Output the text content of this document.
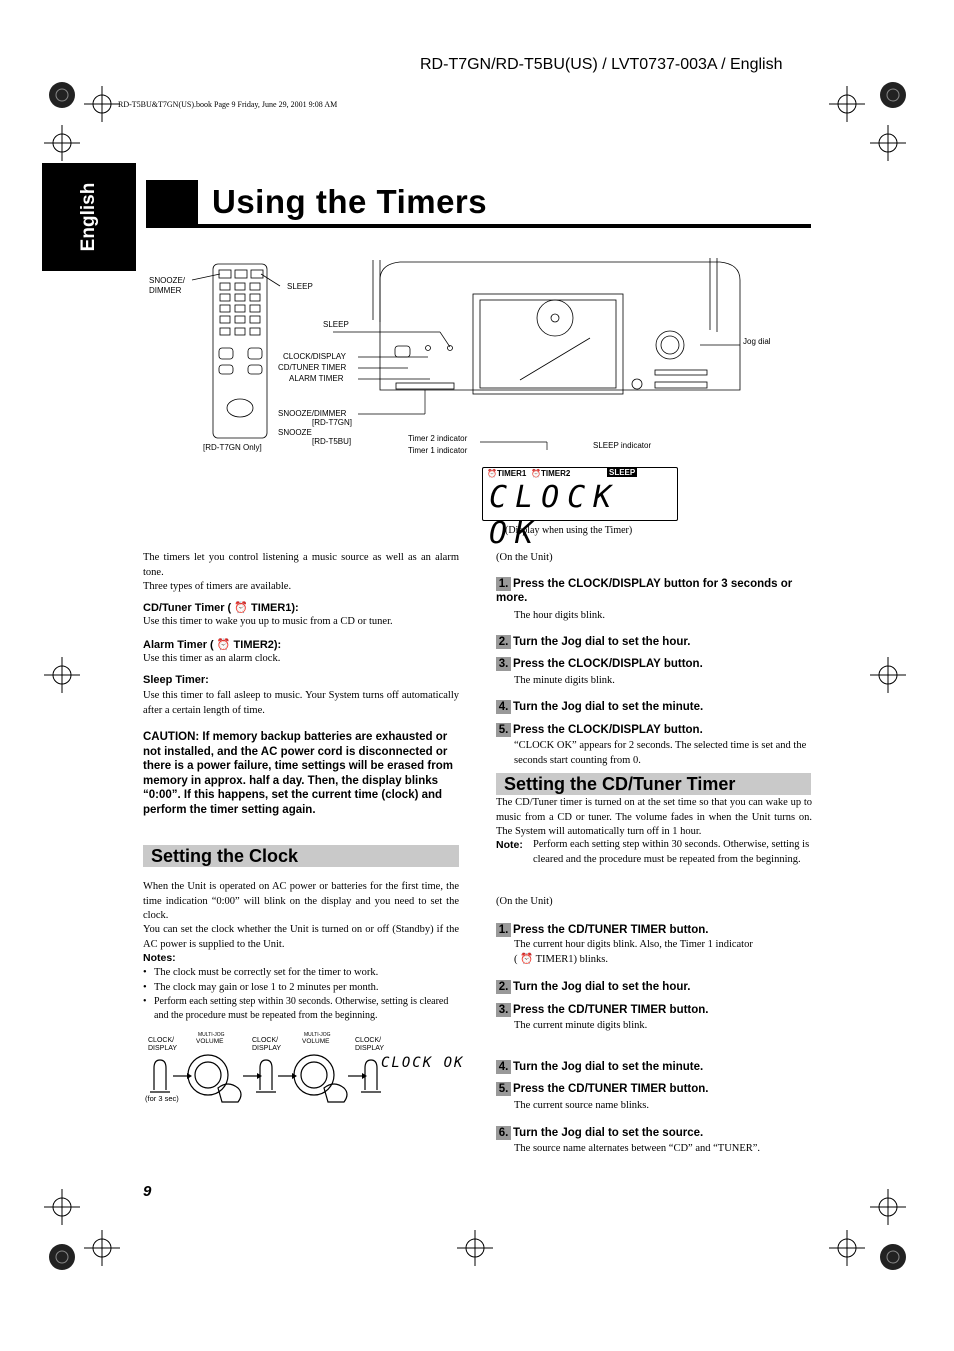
RD-T7GN/RD-T5BU(US) / LVT0737-003A / English
RD-T5BU&T7GN(US).book Page 9 Friday, June 29, 2001 9:08 AM
English	Using the Timers
SNOOZE/
DIMMER	SLEEP
[RD-T7GN Only]
SLEEP
CLOCK/DISPLAY
CD/TUNER TIMER
ALARM TIMER
SNOOZE/DIMMER
[RD-T7GN]
SNOOZE
[RD-T5BU]
Jog dial
Timer 2 indicator
Timer 1 indicator
SLEEP indicator
⏰ TIMER1 ⏰ TIMER2	SLEEP
CLOCK OK
(Display when using the Timer)
The timers let you control listening a music source as well as an alarm tone.
Three types of timers are available.
CD/Tuner Timer ( ⏰ TIMER1):
Use this timer to wake you up to music from a CD or tuner.
Alarm Timer ( ⏰ TIMER2):
Use this timer as an alarm clock.
Sleep Timer:
Use this timer to fall asleep to music. Your System turns off automatically after a certain length of time.
CAUTION: If memory backup batteries are exhausted or not installed, and the AC power cord is disconnected or there is a power failure, time settings will be erased from memory in approx. half a day. Then, the display blinks “0:00”. If this happens, set the current time (clock) and perform the timer setting again.
Setting the Clock
When the Unit is operated on AC power or batteries for the first time, the time indication “0:00” will blink on the display and you need to set the clock.
You can set the clock whether the Unit is turned on or off (Standby) if the AC power is supplied to the Unit.
Notes:
• The clock must be correctly set for the timer to work.
• The clock may gain or lose 1 to 2 minutes per month.
• Perform each setting step within 30 seconds. Otherwise, setting is cleared and the procedure must be repeated from the beginning.
CLOCK/
DISPLAY
MULTI-JOG
VOLUME	CLOCK/
DISPLAY
MULTI-JOG
VOLUME	CLOCK/
DISPLAY
CLOCK OK
(for 3 sec)
(On the Unit)
1. Press the CLOCK/DISPLAY button for 3 seconds or more.
The hour digits blink.
2. Turn the Jog dial to set the hour.
3. Press the CLOCK/DISPLAY button.
The minute digits blink.
4. Turn the Jog dial to set the minute.
5. Press the CLOCK/DISPLAY button.
“CLOCK OK” appears for 2 seconds. The selected time is set and the seconds start counting from 0.
Setting the CD/Tuner Timer
The CD/Tuner timer is turned on at the set time so that you can wake up to music from a CD or tuner. The volume fades in when the Unit turns on. The System will automatically turn off in 1 hour.
Note: Perform each setting step within 30 seconds. Otherwise, setting is cleared and the procedure must be repeated from the beginning.
(On the Unit)
1. Press the CD/TUNER TIMER button.
The current hour digits blink. Also, the Timer 1 indicator
( ⏰ TIMER1) blinks.
2. Turn the Jog dial to set the hour.
3. Press the CD/TUNER TIMER button.
The current minute digits blink.
4. Turn the Jog dial to set the minute.
5. Press the CD/TUNER TIMER button.
The current source name blinks.
6. Turn the Jog dial to set the source.
The source name alternates between “CD” and “TUNER”.
9
